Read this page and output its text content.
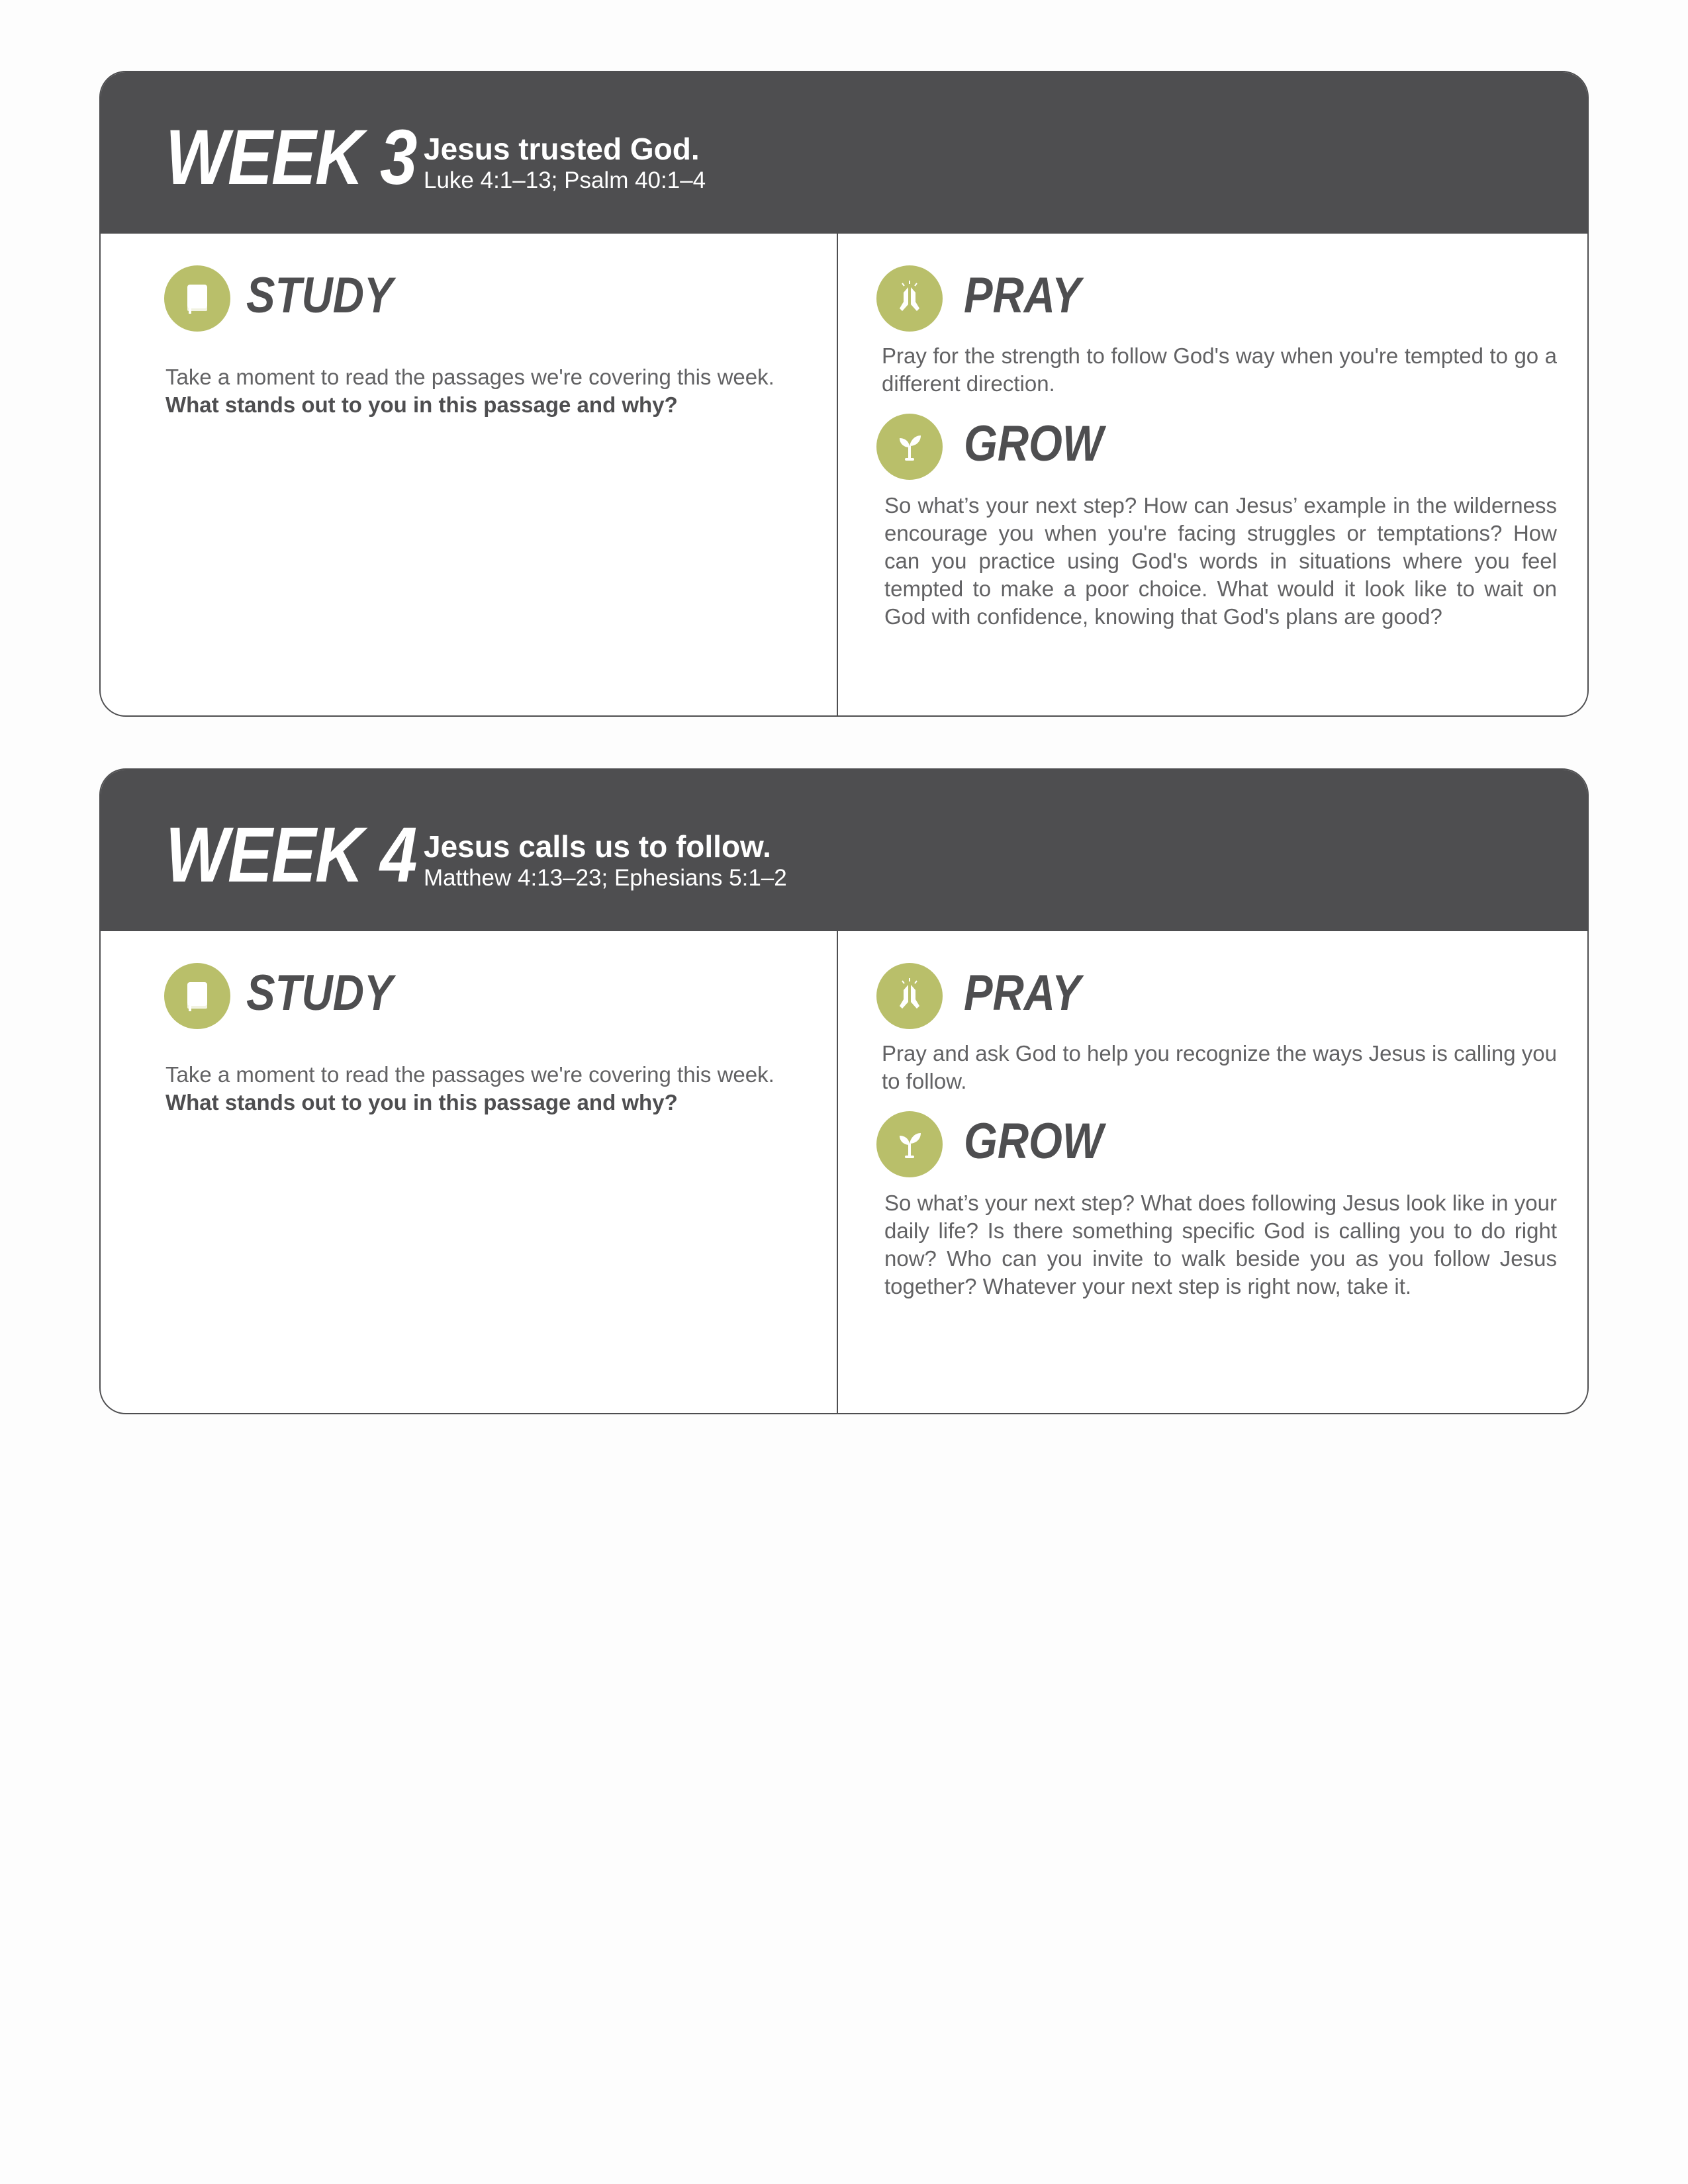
WEEK 3 Jesus trusted God.
Luke 4:1–13; Psalm 40:1–4
STUDY

Take a moment to read the passages we're covering this week.
What stands out to you in this passage and why?

PRAY

Pray for the strength to follow God's way when you're tempted to go a different direction.

GROW

So what’s your next step? How can Jesus’ example in the wilderness encourage you when you're facing struggles or temptations? How can you practice using God's words in situations where you feel tempted to make a poor choice. What would it look like to wait on God with confidence, knowing that God's plans are good?

WEEK 4 Jesus calls us to follow.
Matthew 4:13–23; Ephesians 5:1–2
STUDY

Take a moment to read the passages we're covering this week.
What stands out to you in this passage and why?

PRAY

Pray and ask God to help you recognize the ways Jesus is calling you to follow.

GROW

So what’s your next step? What does following Jesus look like in your daily life? Is there something specific God is calling you to do right now? Who can you invite to walk beside you as you follow Jesus together? Whatever your next step is right now, take it.
